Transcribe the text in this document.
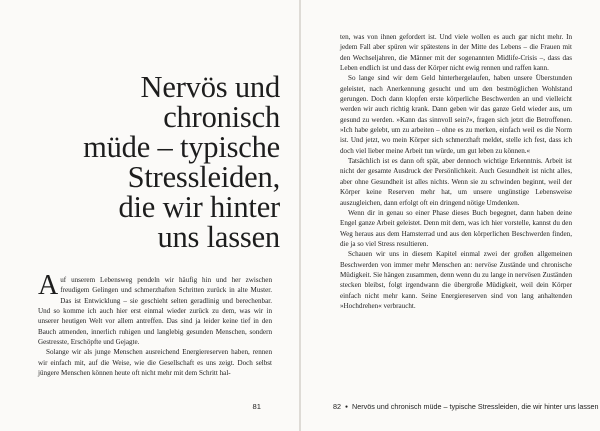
Nervös und
chronisch
müde – typische
Stressleiden,
die wir hinter
uns lassen

Auf unserem Lebensweg pendeln wir häufig hin und her zwischen freudigem Gelingen und schmerzhaften Schritten zurück in alte Muster. Das ist Entwicklung – sie geschieht selten geradlinig und berechenbar. Und so komme ich auch hier erst einmal wieder zurück zu dem, was wir in unserer heutigen Welt vor allem antreffen. Das sind ja leider keine tief in den Bauch atmenden, innerlich ruhigen und langlebig gesunden Menschen, sondern Gestresste, Erschöpfte und Gejagte.

Solange wir als junge Menschen ausreichend Energiereserven haben, rennen wir einfach mit, auf die Weise, wie die Gesellschaft es uns zeigt. Doch selbst jüngere Menschen können heute oft nicht mehr mit dem Schritt hal-

81

ten, was von ihnen gefordert ist. Und viele wollen es auch gar nicht mehr. In jedem Fall aber spüren wir spätestens in der Mitte des Lebens – die Frauen mit den Wechseljahren, die Männer mit der sogenannten Midlife-Crisis –, dass das Leben endlich ist und dass der Körper nicht ewig rennen und raffen kann.

So lange sind wir dem Geld hinterhergelaufen, haben unsere Überstunden geleistet, nach Anerkennung gesucht und um den bestmöglichen Wohlstand gerungen. Doch dann klopfen erste körperliche Beschwerden an und vielleicht werden wir auch richtig krank. Dann geben wir das ganze Geld wieder aus, um gesund zu werden. »Kann das sinnvoll sein?«, fragen sich jetzt die Betroffenen. »Ich habe gelebt, um zu arbeiten – ohne es zu merken, einfach weil es die Norm ist. Und jetzt, wo mein Körper sich schmerzhaft meldet, stelle ich fest, dass ich doch viel lieber meine Arbeit tun würde, um gut leben zu können.«

Tatsächlich ist es dann oft spät, aber dennoch wichtige Erkenntnis. Arbeit ist nicht der gesamte Ausdruck der Persönlichkeit. Auch Gesundheit ist nicht alles, aber ohne Gesundheit ist alles nichts. Wenn sie zu schwinden beginnt, weil der Körper keine Reserven mehr hat, um unsere ungünstige Lebensweise auszugleichen, dann erfolgt oft ein dringend nötige Umdenken.

Wenn dir in genau so einer Phase dieses Buch begegnet, dann haben deine Engel ganze Arbeit geleistet. Denn mit dem, was ich hier vorstelle, kannst du den Weg heraus aus dem Hamsterrad und aus den körperlichen Beschwerden finden, die ja so viel Stress resultieren.

Schauen wir uns in diesem Kapitel einmal zwei der großen allgemeinen Beschwerden von immer mehr Menschen an: nervöse Zustände und chronische Müdigkeit. Sie hängen zusammen, denn wenn du zu lange in nervösen Zuständen stecken bleibst, folgt irgendwann die übergroße Müdigkeit, weil dein Körper einfach nicht mehr kann. Seine Energiereserven sind von lang anhaltenden »Hochdrehen« verbraucht.

82 ● Nervös und chronisch müde – typische Stressleiden, die wir hinter uns lassen
